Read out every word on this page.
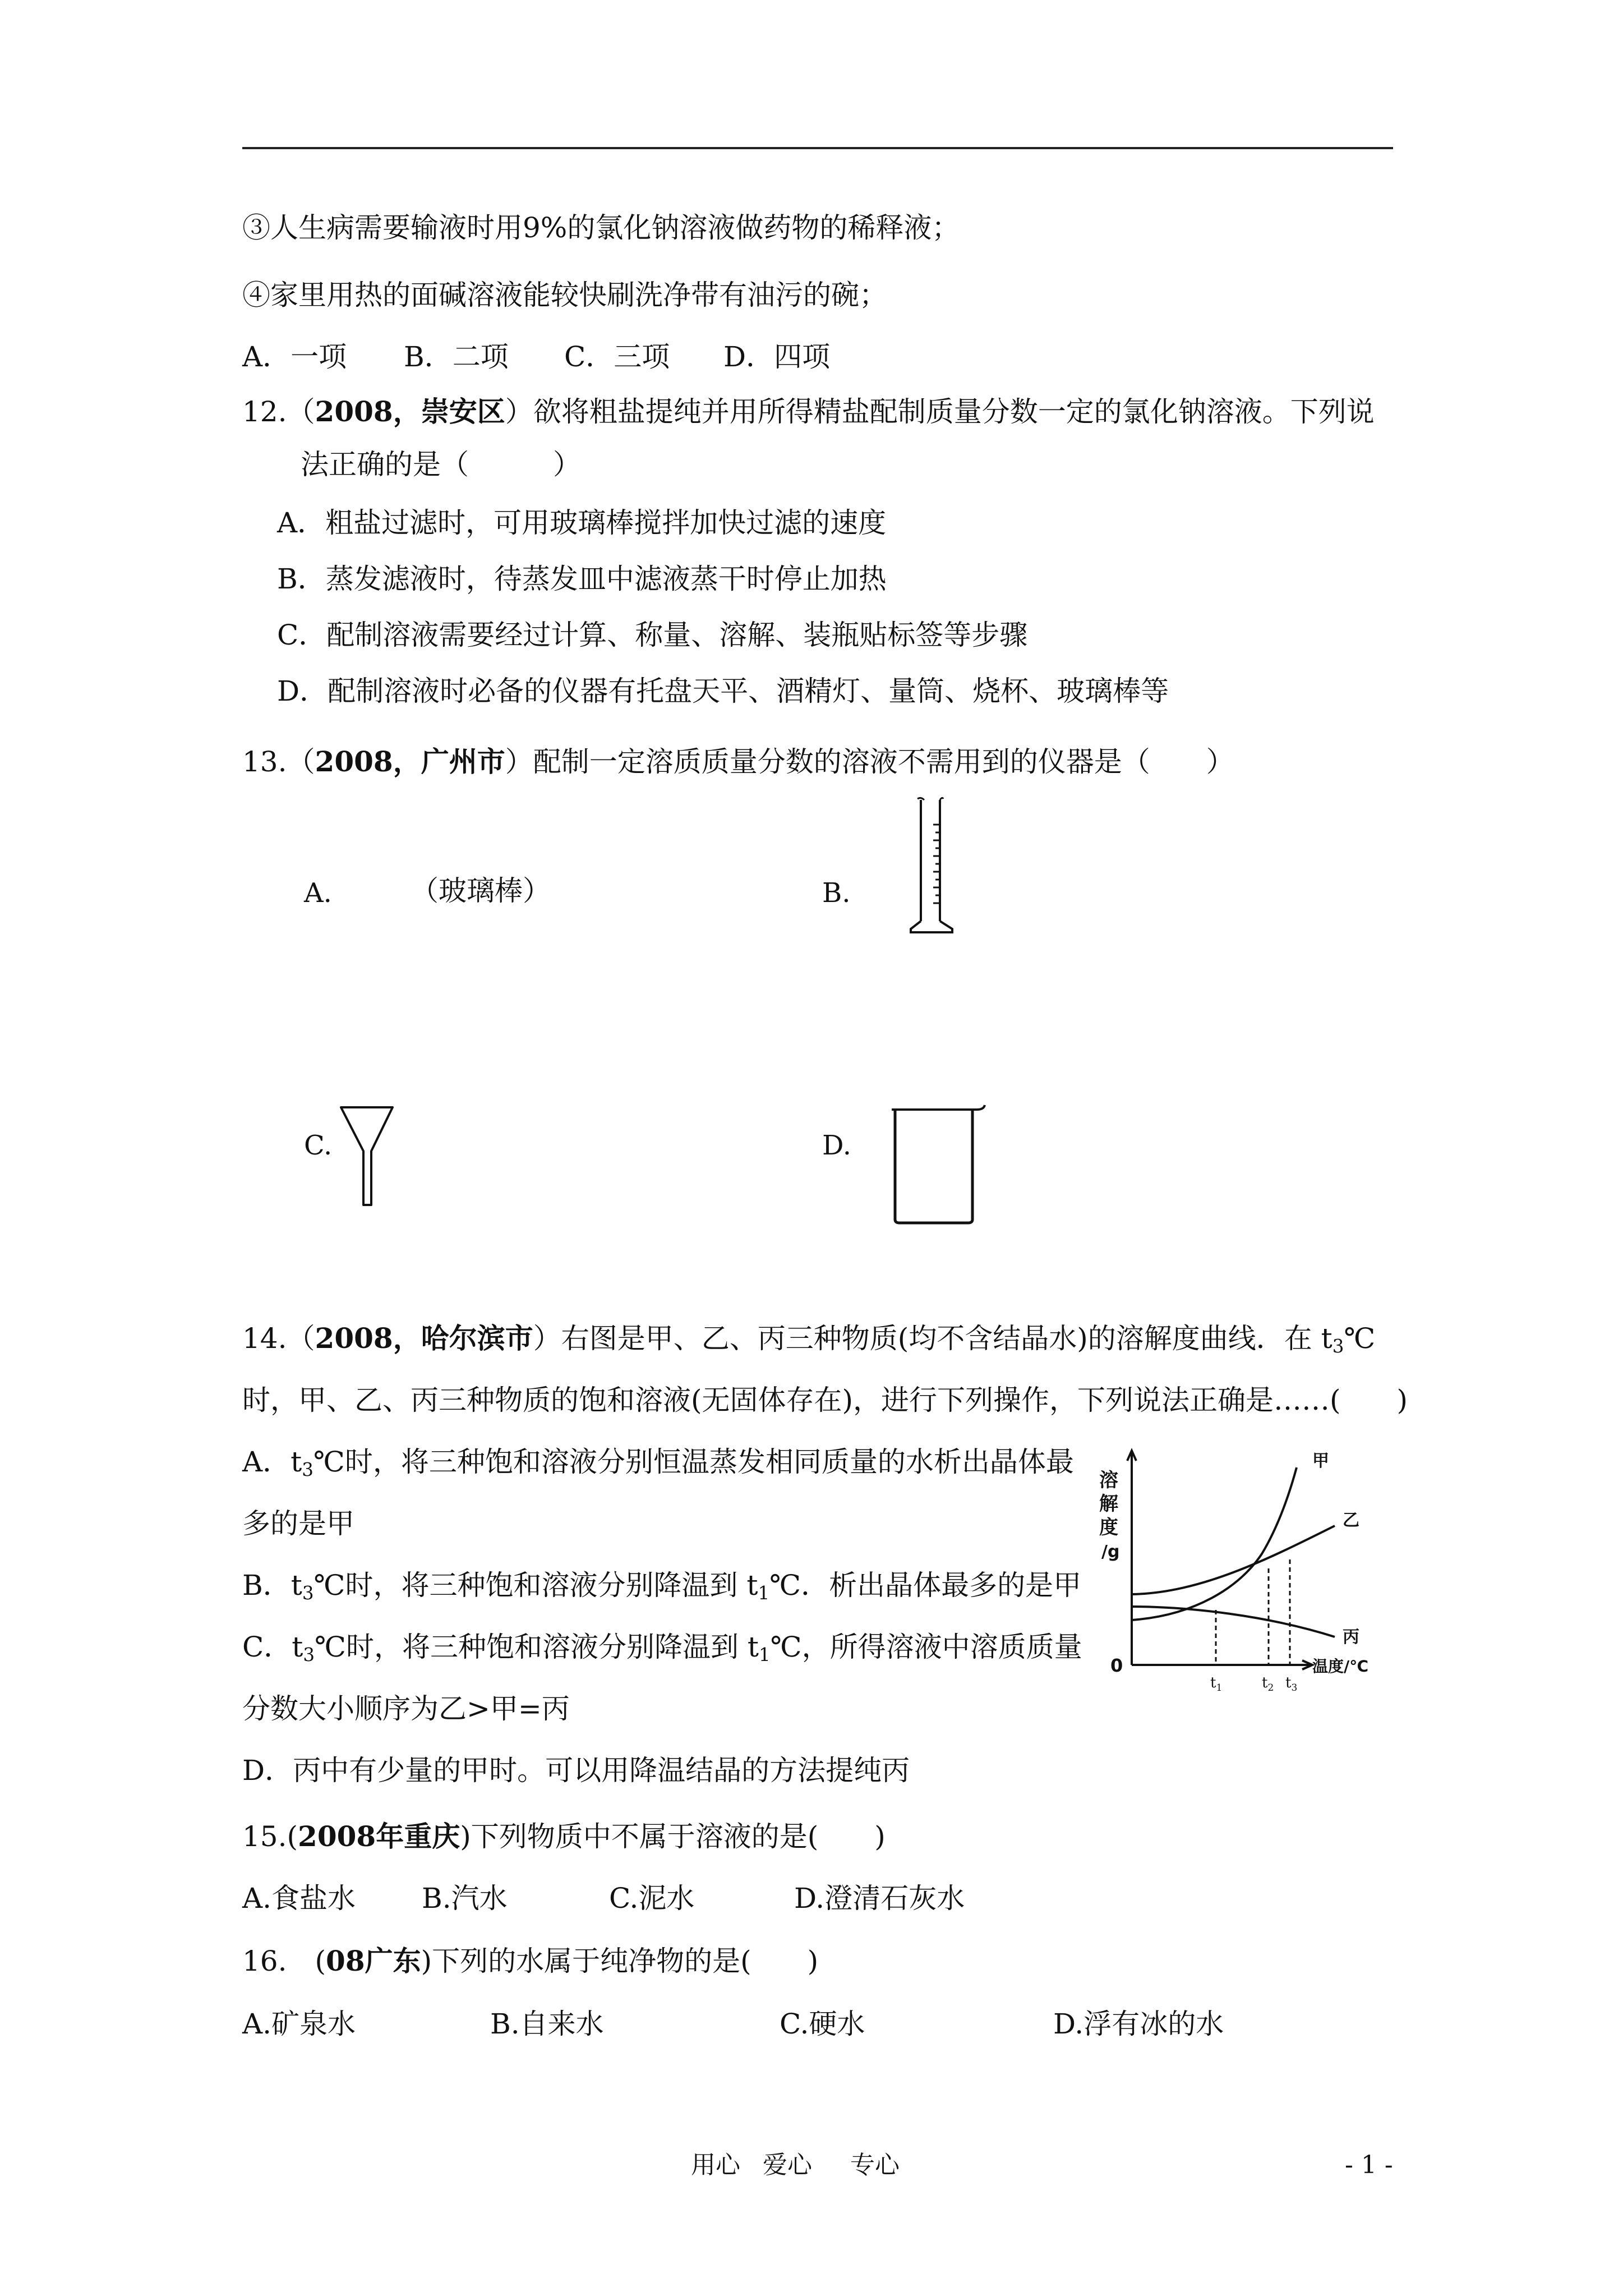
③人生病需要输液时用9%的氯化钠溶液做药物的稀释液；
④家里用热的面碱溶液能较快刷洗净带有油污的碗；
A．一项 B．二项 C．三项 D．四项
12.（2008，崇安区）欲将粗盐提纯并用所得精盐配制质量分数一定的氯化钠溶液。下列说
法正确的是（　　　）
A．粗盐过滤时，可用玻璃棒搅拌加快过滤的速度
B．蒸发滤液时，待蒸发皿中滤液蒸干时停止加热
C．配制溶液需要经过计算、称量、溶解、装瓶贴标签等步骤
D．配制溶液时必备的仪器有托盘天平、酒精灯、量筒、烧杯、玻璃棒等
13.（2008，广州市）配制一定溶质质量分数的溶液不需用到的仪器是（　　）
A.	（玻璃棒）	B.
C.	D.
14.（2008，哈尔滨市）右图是甲、乙、丙三种物质(均不含结晶水)的溶解度曲线．在 $t_3℃$
时，甲、乙、丙三种物质的饱和溶液(无固体存在)，进行下列操作，下列说法正确是……(　　)
A．$t_3℃$时，将三种饱和溶液分别恒温蒸发相同质量的水析出晶体最
多的是甲
B．$t_3℃$时，将三种饱和溶液分别降温到 $t_1℃$．析出晶体最多的是甲
C．$t_3℃$时，将三种饱和溶液分别降温到 $t_1℃$，所得溶液中溶质质量
分数大小顺序为乙>甲=丙
D．丙中有少量的甲时。可以用降温结晶的方法提纯丙
溶
解
度
/g
0	温度/℃
甲
乙
丙
$t_1$	$t_2$ $t_3$
15.(2008年重庆)下列物质中不属于溶液的是(　　)
A.食盐水 B.汽水	C.泥水	D.澄清石灰水
16.　(08广东)下列的水属于纯净物的是(　　)
A.矿泉水	B.自来水	C.硬水	D.浮有冰的水
用心 爱心 专心	- 1 -
